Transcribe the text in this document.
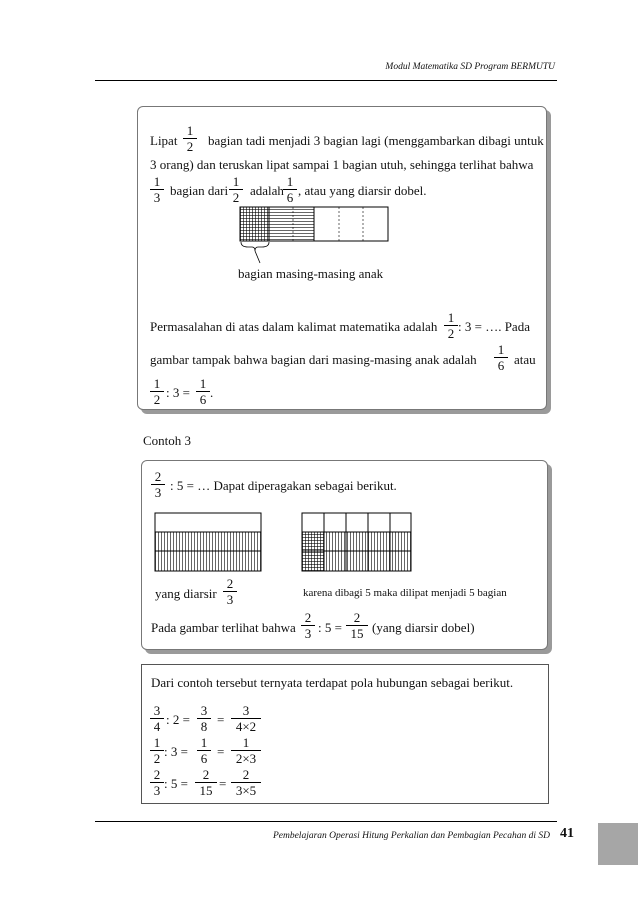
Modul Matematika SD Program BERMUTU
Pembelajaran Operasi Hitung Perkalian dan Pembagian Pecahan di SD 41
Lipat $\frac{1}{2}$ bagian tadi menjadi 3 bagian lagi (menggambarkan dibagi untuk
3 orang) dan teruskan lipat sampai 1 bagian utuh, sehingga terlihat bahwa
$\frac{1}{3}$ bagian dari $\frac{1}{2}$ adalah $\frac{1}{6}$ , atau yang diarsir dobel.
bagian masing-masing anak
Permasalahan di atas dalam kalimat matematika adalah $\frac{1}{2}$ : 3 = …. Pada
gambar tampak bahwa bagian dari masing-masing anak adalah $\frac{1}{6}$ atau
$\frac{1}{2}$ : $3 = \frac{1}{6}$ .
Contoh 3
$\frac{2}{3}$ : 5 = … Dapat diperagakan sebagai berikut.
yang diarsir $\frac{2}{3}$	karena dibagi 5 maka dilipat menjadi 5 bagian
Pada gambar terlihat bahwa $\frac{2}{3}$ : $5 = \frac{2}{15}$ (yang diarsir dobel)
Dari contoh tersebut ternyata terdapat pola hubungan sebagai berikut.
$\frac{3}{4}$ : $2 = \frac{3}{8} = \frac{3}{4\times 2}$
$\frac{1}{2}$ : $3 = \frac{1}{6} = \frac{1}{2\times 3}$
$\frac{2}{3}$ : $5 = \frac{2}{15} = \frac{2}{3\times 5}$
